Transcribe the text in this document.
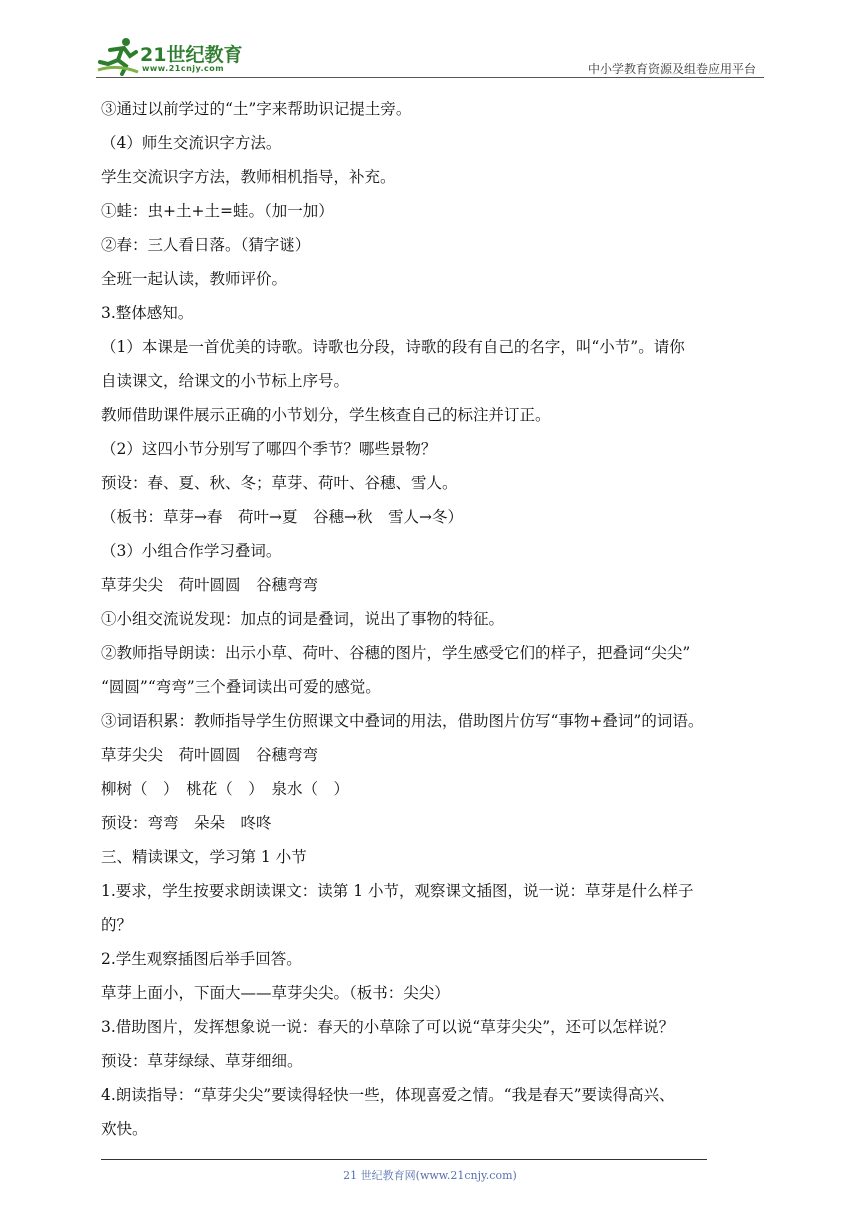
21世纪教育
www.21cnjy.com	中小学教育资源及组卷应用平台

③通过以前学过的“土”字来帮助识记提土旁。

（4）师生交流识字方法。

学生交流识字方法，教师相机指导，补充。

①蛙：虫+土+土=蛙。（加一加）

②春：三人看日落。（猜字谜）

全班一起认读，教师评价。

3.整体感知。

（1）本课是一首优美的诗歌。诗歌也分段，诗歌的段有自己的名字，叫“小节”。请你

自读课文，给课文的小节标上序号。

教师借助课件展示正确的小节划分，学生核查自己的标注并订正。

（2）这四小节分别写了哪四个季节？哪些景物？

预设：春、夏、秋、冬；草芽、荷叶、谷穗、雪人。

（板书：草芽→春　荷叶→夏　谷穗→秋　雪人→冬）

（3）小组合作学习叠词。

草芽尖尖　荷叶圆圆　谷穗弯弯

①小组交流说发现：加点的词是叠词，说出了事物的特征。

②教师指导朗读：出示小草、荷叶、谷穗的图片，学生感受它们的样子，把叠词“尖尖”

“圆圆”“弯弯”三个叠词读出可爱的感觉。

③词语积累：教师指导学生仿照课文中叠词的用法，借助图片仿写“事物+叠词”的词语。

草芽尖尖　荷叶圆圆　谷穗弯弯

柳树（　）　桃花（　）　泉水（　）

预设：弯弯　朵朵　咚咚

三、精读课文，学习第 1 小节

1.要求，学生按要求朗读课文：读第 1 小节，观察课文插图，说一说：草芽是什么样子

的？

2.学生观察插图后举手回答。

草芽上面小，下面大——草芽尖尖。（板书：尖尖）

3.借助图片，发挥想象说一说：春天的小草除了可以说“草芽尖尖”，还可以怎样说？

预设：草芽绿绿、草芽细细。

4.朗读指导：“草芽尖尖”要读得轻快一些，体现喜爱之情。“我是春天”要读得高兴、

欢快。

21 世纪教育网(www.21cnjy.com)
